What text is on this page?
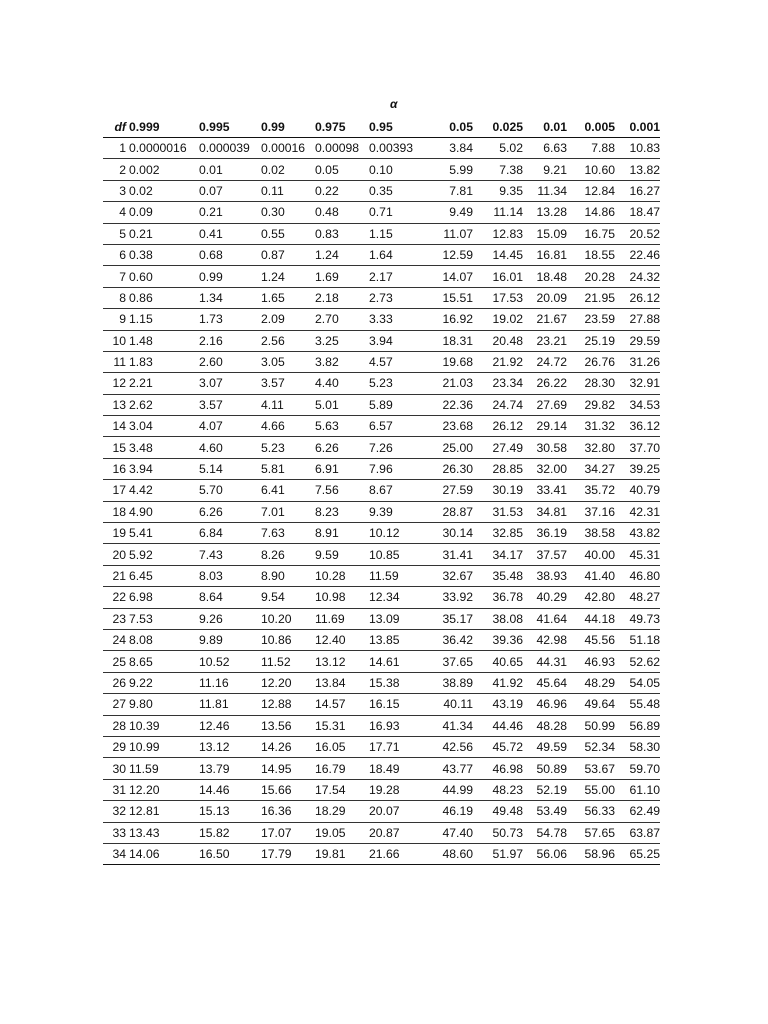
α
df	0.999	0.995	0.99	0.975	0.95	0.05	0.025	0.01	0.005	0.001
1	0.0000016	0.000039	0.00016	0.00098	0.00393	3.84	5.02	6.63	7.88	10.83
2	0.002	0.01	0.02	0.05	0.10	5.99	7.38	9.21	10.60	13.82
3	0.02	0.07	0.11	0.22	0.35	7.81	9.35	11.34	12.84	16.27
4	0.09	0.21	0.30	0.48	0.71	9.49	11.14	13.28	14.86	18.47
5	0.21	0.41	0.55	0.83	1.15	11.07	12.83	15.09	16.75	20.52
6	0.38	0.68	0.87	1.24	1.64	12.59	14.45	16.81	18.55	22.46
7	0.60	0.99	1.24	1.69	2.17	14.07	16.01	18.48	20.28	24.32
8	0.86	1.34	1.65	2.18	2.73	15.51	17.53	20.09	21.95	26.12
9	1.15	1.73	2.09	2.70	3.33	16.92	19.02	21.67	23.59	27.88
10	1.48	2.16	2.56	3.25	3.94	18.31	20.48	23.21	25.19	29.59
11	1.83	2.60	3.05	3.82	4.57	19.68	21.92	24.72	26.76	31.26
12	2.21	3.07	3.57	4.40	5.23	21.03	23.34	26.22	28.30	32.91
13	2.62	3.57	4.11	5.01	5.89	22.36	24.74	27.69	29.82	34.53
14	3.04	4.07	4.66	5.63	6.57	23.68	26.12	29.14	31.32	36.12
15	3.48	4.60	5.23	6.26	7.26	25.00	27.49	30.58	32.80	37.70
16	3.94	5.14	5.81	6.91	7.96	26.30	28.85	32.00	34.27	39.25
17	4.42	5.70	6.41	7.56	8.67	27.59	30.19	33.41	35.72	40.79
18	4.90	6.26	7.01	8.23	9.39	28.87	31.53	34.81	37.16	42.31
19	5.41	6.84	7.63	8.91	10.12	30.14	32.85	36.19	38.58	43.82
20	5.92	7.43	8.26	9.59	10.85	31.41	34.17	37.57	40.00	45.31
21	6.45	8.03	8.90	10.28	11.59	32.67	35.48	38.93	41.40	46.80
22	6.98	8.64	9.54	10.98	12.34	33.92	36.78	40.29	42.80	48.27
23	7.53	9.26	10.20	11.69	13.09	35.17	38.08	41.64	44.18	49.73
24	8.08	9.89	10.86	12.40	13.85	36.42	39.36	42.98	45.56	51.18
25	8.65	10.52	11.52	13.12	14.61	37.65	40.65	44.31	46.93	52.62
26	9.22	11.16	12.20	13.84	15.38	38.89	41.92	45.64	48.29	54.05
27	9.80	11.81	12.88	14.57	16.15	40.11	43.19	46.96	49.64	55.48
28	10.39	12.46	13.56	15.31	16.93	41.34	44.46	48.28	50.99	56.89
29	10.99	13.12	14.26	16.05	17.71	42.56	45.72	49.59	52.34	58.30
30	11.59	13.79	14.95	16.79	18.49	43.77	46.98	50.89	53.67	59.70
31	12.20	14.46	15.66	17.54	19.28	44.99	48.23	52.19	55.00	61.10
32	12.81	15.13	16.36	18.29	20.07	46.19	49.48	53.49	56.33	62.49
33	13.43	15.82	17.07	19.05	20.87	47.40	50.73	54.78	57.65	63.87
34	14.06	16.50	17.79	19.81	21.66	48.60	51.97	56.06	58.96	65.25
